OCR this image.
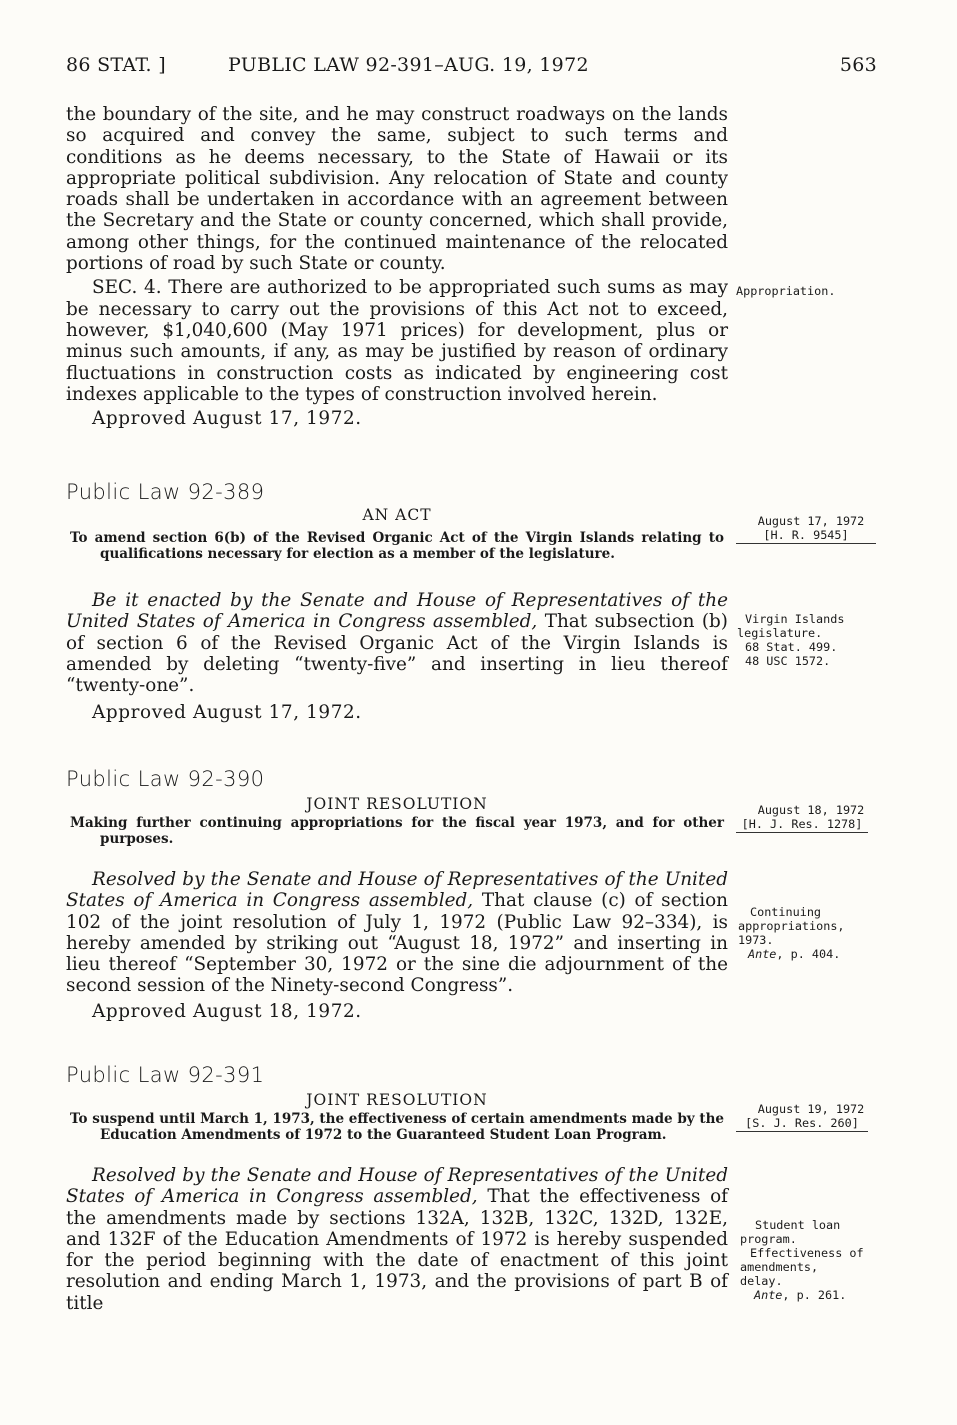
86 STAT. ]	PUBLIC LAW 92-391–AUG. 19, 1972	563

the boundary of the site, and he may construct roadways on the lands so acquired and convey the same, subject to such terms and conditions as he deems necessary, to the State of Hawaii or its appropriate political subdivision. Any relocation of State and county roads shall be undertaken in accordance with an agreement between the Secretary and the State or county concerned, which shall provide, among other things, for the continued maintenance of the relocated portions of road by such State or county.

SEC. 4. There are authorized to be appropriated such sums as may be necessary to carry out the provisions of this Act not to exceed, however, $1,040,600 (May 1971 prices) for development, plus or minus such amounts, if any, as may be justified by reason of ordinary fluctuations in construction costs as indicated by engineering cost indexes applicable to the types of construction involved herein.

Approved August 17, 1972.

Appropriation.
Public Law 92-389
AN ACT

To amend section 6(b) of the Revised Organic Act of the Virgin Islands relating to qualifications necessary for election as a member of the legislature.

Be it enacted by the Senate and House of Representatives of the United States of America in Congress assembled, That subsection (b) of section 6 of the Revised Organic Act of the Virgin Islands is amended by deleting “twenty-five” and inserting in lieu thereof “twenty-one”.

Approved August 17, 1972.

August 17, 1972
[H. R. 9545]
Virgin Islands
legislature.
68 Stat. 499.
48 USC 1572.
Public Law 92-390
JOINT RESOLUTION

Making further continuing appropriations for the fiscal year 1973, and for other purposes.

Resolved by the Senate and House of Representatives of the United States of America in Congress assembled, That clause (c) of section 102 of the joint resolution of July 1, 1972 (Public Law 92–334), is hereby amended by striking out “August 18, 1972” and inserting in lieu thereof “September 30, 1972 or the sine die adjournment of the second session of the Ninety-second Congress”.

Approved August 18, 1972.

August 18, 1972
[H. J. Res. 1278]
Continuing
appropriations,
1973.
Ante, p. 404.
Public Law 92-391
JOINT RESOLUTION

To suspend until March 1, 1973, the effectiveness of certain amendments made by the Education Amendments of 1972 to the Guaranteed Student Loan Program.

Resolved by the Senate and House of Representatives of the United States of America in Congress assembled, That the effectiveness of the amendments made by sections 132A, 132B, 132C, 132D, 132E, and 132F of the Education Amendments of 1972 is hereby suspended for the period beginning with the date of enactment of this joint resolution and ending March 1, 1973, and the provisions of part B of title

August 19, 1972
[S. J. Res. 260]
Student loan
program.
Effectiveness of
amendments,
delay.
Ante, p. 261.
